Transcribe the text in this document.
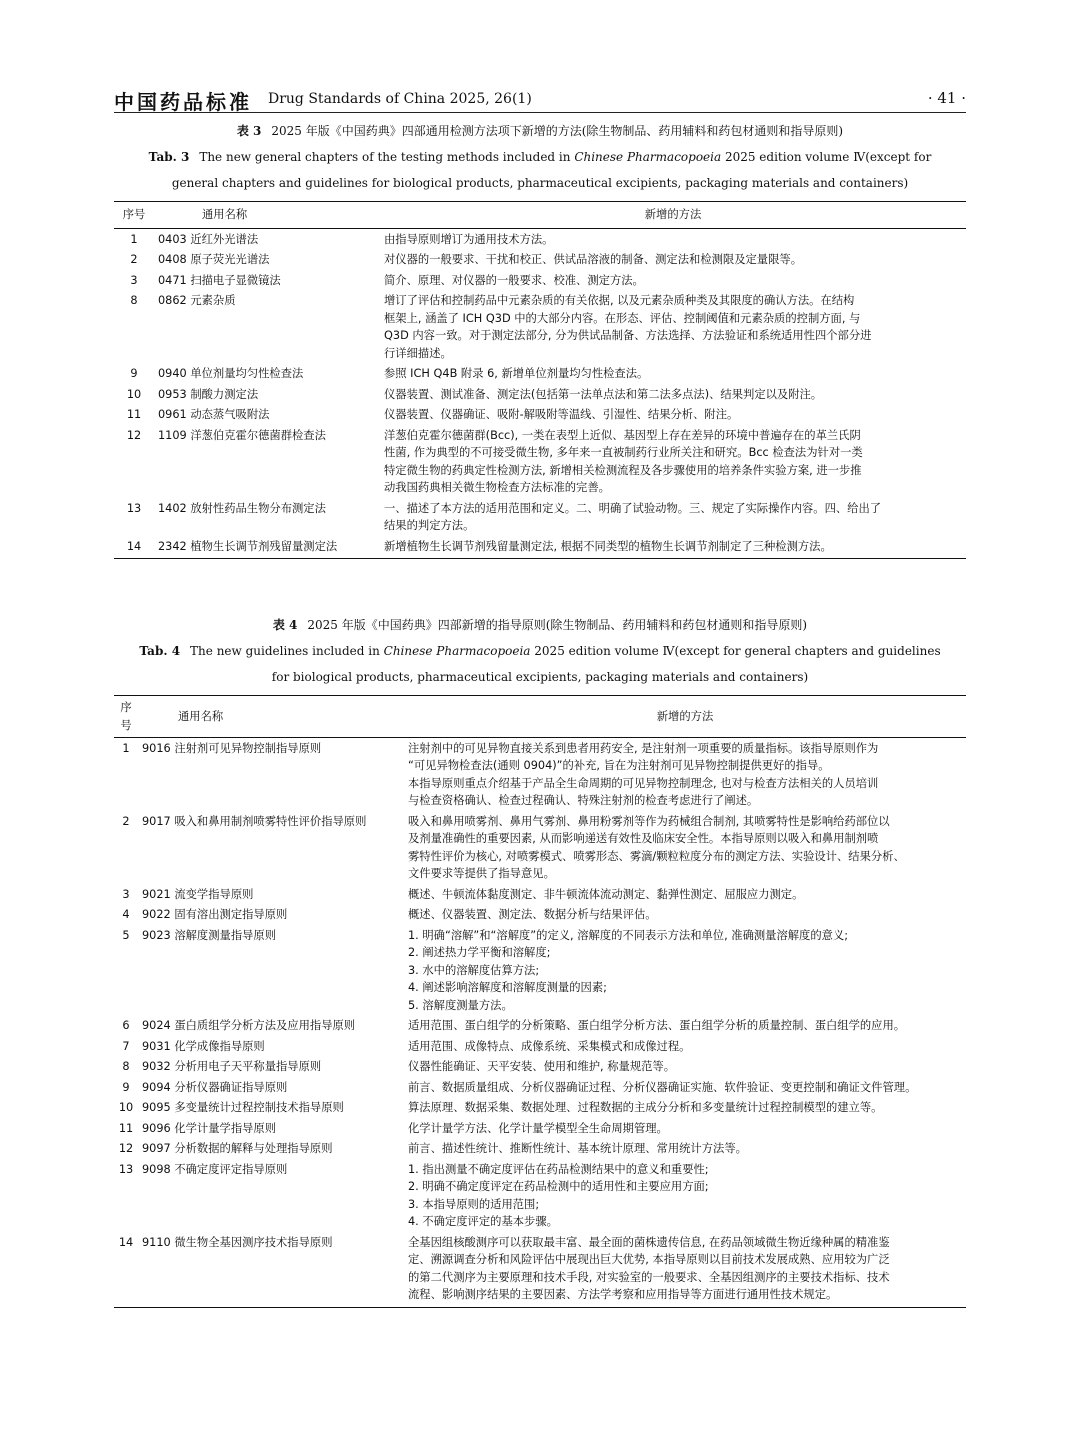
中国药品标准 Drug Standards of China 2025, 26(1)	· 41 ·
表 3 2025 年版《中国药典》四部通用检测方法项下新增的方法(除生物制品、药用辅料和药包材通则和指导原则)
Tab. 3 The new general chapters of the testing methods included in Chinese Pharmacopoeia 2025 edition volume Ⅳ(except for
general chapters and guidelines for biological products, pharmaceutical excipients, packaging materials and containers)
序号	通用名称	新增的方法
1	0403 近红外光谱法	由指导原则增订为通用技术方法。
2	0408 原子荧光光谱法	对仪器的一般要求、干扰和校正、供试品溶液的制备、测定法和检测限及定量限等。
3	0471 扫描电子显微镜法	简介、原理、对仪器的一般要求、校准、测定方法。
8	0862 元素杂质	增订了评估和控制药品中元素杂质的有关依据, 以及元素杂质种类及其限度的确认方法。在结构
框架上, 涵盖了 ICH Q3D 中的大部分内容。在形态、评估、控制阈值和元素杂质的控制方面, 与
Q3D 内容一致。对于测定法部分, 分为供试品制备、方法选择、方法验证和系统适用性四个部分进
行详细描述。
9	0940 单位剂量均匀性检查法	参照 ICH Q4B 附录 6, 新增单位剂量均匀性检查法。
10	0953 制酸力测定法	仪器装置、测试准备、测定法(包括第一法单点法和第二法多点法)、结果判定以及附注。
11	0961 动态蒸气吸附法	仪器装置、仪器确证、吸附-解吸附等温线、引湿性、结果分析、附注。
12	1109 洋葱伯克霍尔德菌群检查法	洋葱伯克霍尔德菌群(Bcc), 一类在表型上近似、基因型上存在差异的环境中普遍存在的革兰氏阴
性菌, 作为典型的不可接受微生物, 多年来一直被制药行业所关注和研究。Bcc 检查法为针对一类
特定微生物的药典定性检测方法, 新增相关检测流程及各步骤使用的培养条件实验方案, 进一步推
动我国药典相关微生物检查方法标准的完善。
13	1402 放射性药品生物分布测定法	一、描述了本方法的适用范围和定义。二、明确了试验动物。三、规定了实际操作内容。四、给出了
结果的判定方法。
14	2342 植物生长调节剂残留量测定法	新增植物生长调节剂残留量测定法, 根据不同类型的植物生长调节剂制定了三种检测方法。
表 4 2025 年版《中国药典》四部新增的指导原则(除生物制品、药用辅料和药包材通则和指导原则)
Tab. 4 The new guidelines included in Chinese Pharmacopoeia 2025 edition volume Ⅳ(except for general chapters and guidelines
for biological products, pharmaceutical excipients, packaging materials and containers)
序号	通用名称	新增的方法
1	9016 注射剂可见异物控制指导原则	注射剂中的可见异物直接关系到患者用药安全, 是注射剂一项重要的质量指标。该指导原则作为
“可见异物检查法(通则 0904)”的补充, 旨在为注射剂可见异物控制提供更好的指导。
本指导原则重点介绍基于产品全生命周期的可见异物控制理念, 也对与检查方法相关的人员培训
与检查资格确认、检查过程确认、特殊注射剂的检查考虑进行了阐述。
2	9017 吸入和鼻用制剂喷雾特性评价指导原则	吸入和鼻用喷雾剂、鼻用气雾剂、鼻用粉雾剂等作为药械组合制剂, 其喷雾特性是影响给药部位以
及剂量准确性的重要因素, 从而影响递送有效性及临床安全性。本指导原则以吸入和鼻用制剂喷
雾特性评价为核心, 对喷雾模式、喷雾形态、雾滴/颗粒粒度分布的测定方法、实验设计、结果分析、
文件要求等提供了指导意见。
3	9021 流变学指导原则	概述、牛顿流体黏度测定、非牛顿流体流动测定、黏弹性测定、屈服应力测定。
4	9022 固有溶出测定指导原则	概述、仪器装置、测定法、数据分析与结果评估。
5	9023 溶解度测量指导原则	1. 明确“溶解”和“溶解度”的定义, 溶解度的不同表示方法和单位, 准确测量溶解度的意义;
2. 阐述热力学平衡和溶解度;
3. 水中的溶解度估算方法;
4. 阐述影响溶解度和溶解度测量的因素;
5. 溶解度测量方法。
6	9024 蛋白质组学分析方法及应用指导原则	适用范围、蛋白组学的分析策略、蛋白组学分析方法、蛋白组学分析的质量控制、蛋白组学的应用。
7	9031 化学成像指导原则	适用范围、成像特点、成像系统、采集模式和成像过程。
8	9032 分析用电子天平称量指导原则	仪器性能确证、天平安装、使用和维护, 称量规范等。
9	9094 分析仪器确证指导原则	前言、数据质量组成、分析仪器确证过程、分析仪器确证实施、软件验证、变更控制和确证文件管理。
10	9095 多变量统计过程控制技术指导原则	算法原理、数据采集、数据处理、过程数据的主成分分析和多变量统计过程控制模型的建立等。
11	9096 化学计量学指导原则	化学计量学方法、化学计量学模型全生命周期管理。
12	9097 分析数据的解释与处理指导原则	前言、描述性统计、推断性统计、基本统计原理、常用统计方法等。
13	9098 不确定度评定指导原则	1. 指出测量不确定度评估在药品检测结果中的意义和重要性;
2. 明确不确定度评定在药品检测中的适用性和主要应用方面;
3. 本指导原则的适用范围;
4. 不确定度评定的基本步骤。
14	9110 微生物全基因测序技术指导原则	全基因组核酸测序可以获取最丰富、最全面的菌株遗传信息, 在药品领域微生物近缘种属的精准鉴
定、溯源调查分析和风险评估中展现出巨大优势, 本指导原则以目前技术发展成熟、应用较为广泛
的第二代测序为主要原理和技术手段, 对实验室的一般要求、全基因组测序的主要技术指标、技术
流程、影响测序结果的主要因素、方法学考察和应用指导等方面进行通用性技术规定。
